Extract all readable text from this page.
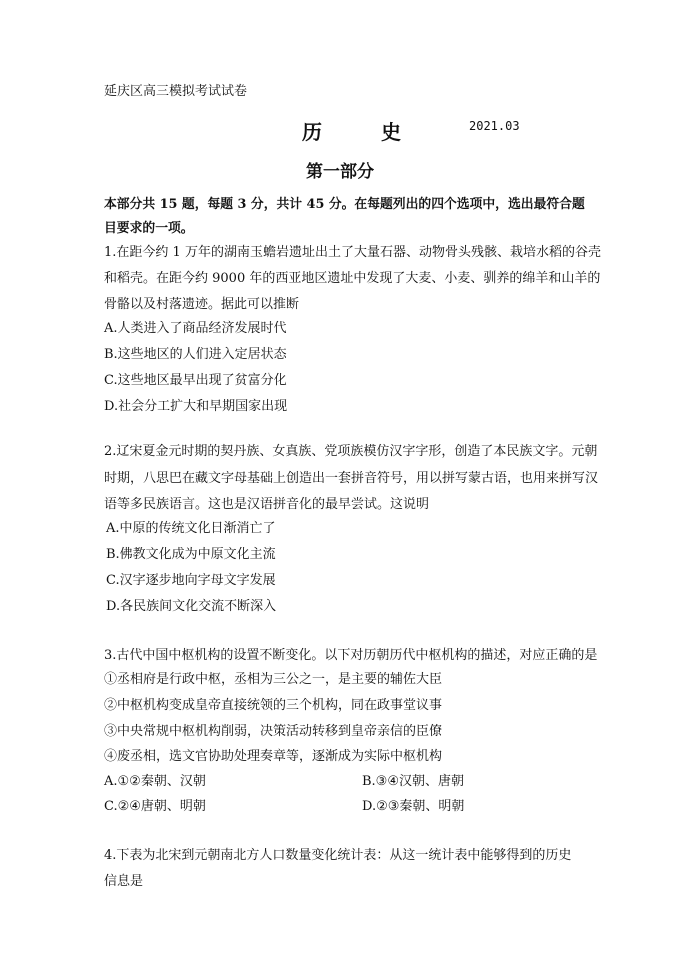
延庆区高三模拟考试试卷
历 史	2021.03
第一部分
本部分共 15 题，每题 3 分，共计 45 分。在每题列出的四个选项中，选出最符合题
目要求的一项。
1.在距今约 1 万年的湖南玉蟾岩遗址出土了大量石器、动物骨头残骸、栽培水稻的谷壳
和稻壳。在距今约 9000 年的西亚地区遗址中发现了大麦、小麦、驯养的绵羊和山羊的
骨骼以及村落遗迹。据此可以推断
A.人类进入了商品经济发展时代
B.这些地区的人们进入定居状态
C.这些地区最早出现了贫富分化
D.社会分工扩大和早期国家出现
2.辽宋夏金元时期的契丹族、女真族、党项族模仿汉字字形，创造了本民族文字。元朝
时期，八思巴在藏文字母基础上创造出一套拼音符号，用以拼写蒙古语，也用来拼写汉
语等多民族语言。这也是汉语拼音化的最早尝试。这说明
A.中原的传统文化日渐消亡了
B.佛教文化成为中原文化主流
C.汉字逐步地向字母文字发展
D.各民族间文化交流不断深入
3.古代中国中枢机构的设置不断变化。以下对历朝历代中枢机构的描述，对应正确的是
①丞相府是行政中枢，丞相为三公之一，是主要的辅佐大臣
②中枢机构变成皇帝直接统领的三个机构，同在政事堂议事
③中央常规中枢机构削弱，决策活动转移到皇帝亲信的臣僚
④废丞相，选文官协助处理奏章等，逐渐成为实际中枢机构
A.①②秦朝、汉朝	B.③④汉朝、唐朝
C.②④唐朝、明朝	D.②③秦朝、明朝
4.下表为北宋到元朝南北方人口数量变化统计表：从这一统计表中能够得到的历史
信息是
